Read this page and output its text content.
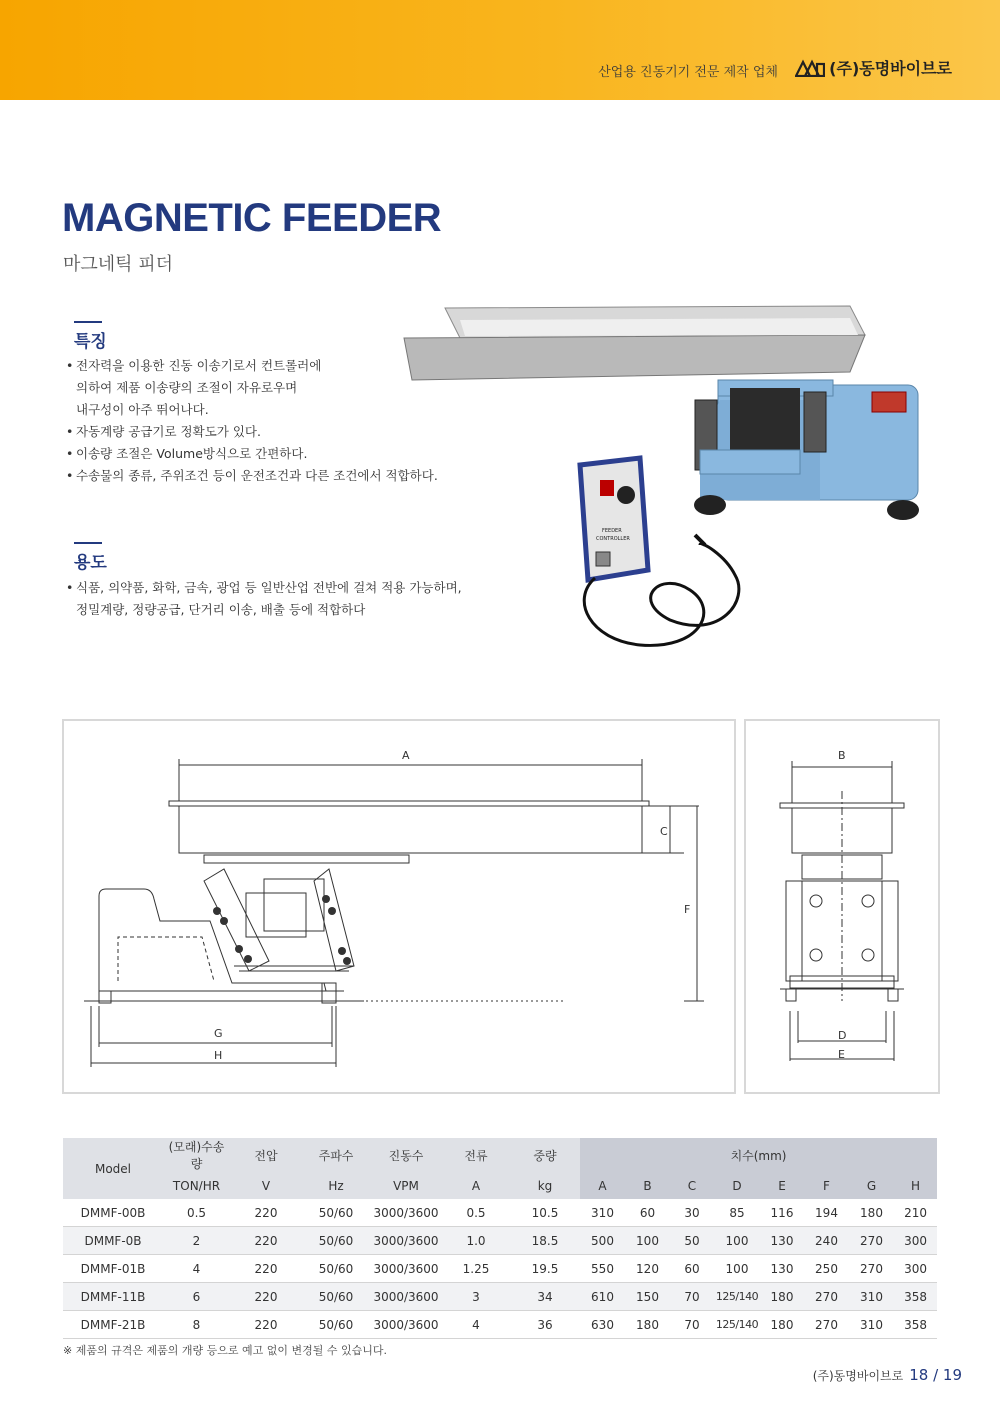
산업용 진동기기 전문 제작 업체	(주)동명바이브로
MAGNETIC FEEDER
마그네틱 피더
특징
• 전자력을 이용한 진동 이송기로서 컨트롤러에
의하여 제품 이송량의 조절이 자유로우며
내구성이 아주 뛰어나다.
• 자동계량 공급기로 정확도가 있다.
• 이송량 조절은 Volume방식으로 간편하다.
• 수송물의 종류, 주위조건 등이 운전조건과 다른 조건에서 적합하다.
용도
• 식품, 의약품, 화학, 금속, 광업 등 일반산업 전반에 걸쳐 적용 가능하며,
정밀계량, 정량공급, 단거리 이송, 배출 등에 적합하다
FEEDER
CONTROLLER
A
C
F
G
H
B
D
E
Model	(모래)수송량	전압	주파수	진동수	전류	중량	치수(mm)							
	TON/HR	V	Hz	VPM	A	kg	A	B	C	D	E	F	G	H
DMMF-00B	0.5	220	50/60	3000/3600	0.5	10.5	310	60	30	85	116	194	180	210
DMMF-0B	2	220	50/60	3000/3600	1.0	18.5	500	100	50	100	130	240	270	300
DMMF-01B	4	220	50/60	3000/3600	1.25	19.5	550	120	60	100	130	250	270	300
DMMF-11B	6	220	50/60	3000/3600	3	34	610	150	70	125/140	180	270	310	358
DMMF-21B	8	220	50/60	3000/3600	4	36	630	180	70	125/140	180	270	310	358
※ 제품의 규격은 제품의 개량 등으로 예고 없이 변경될 수 있습니다.
(주)동명바이브로 18 / 19
